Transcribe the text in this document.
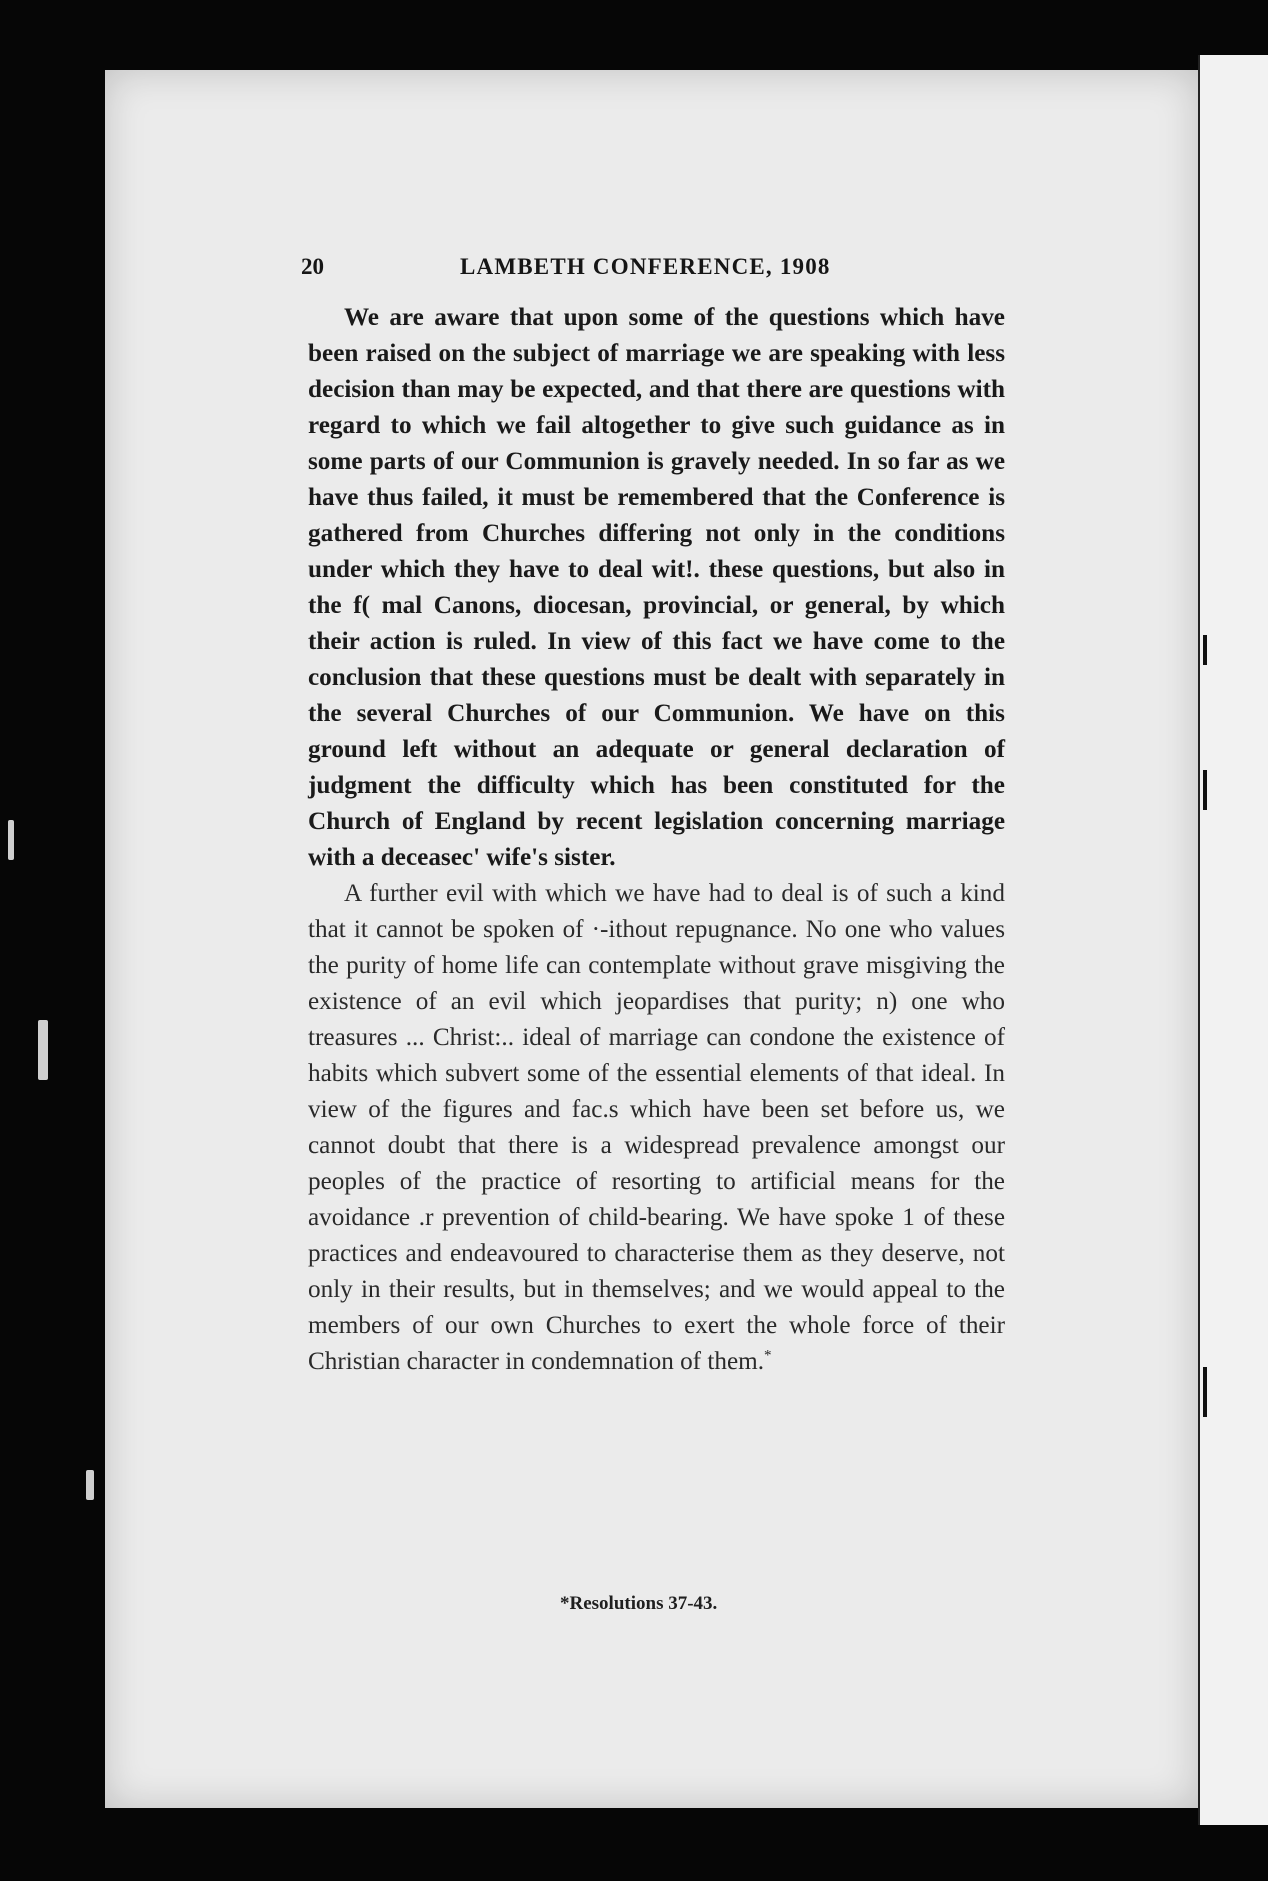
20	LAMBETH CONFERENCE, 1908

We are aware that upon some of the questions which have been raised on the subject of marriage we are speaking with less decision than may be expected, and that there are questions with regard to which we fail altogether to give such guidance as in some parts of our Communion is gravely needed. In so far as we have thus failed, it must be remembered that the Conference is gathered from Churches differing not only in the conditions under which they have to deal wit!. these questions, but also in the f( mal Canons, diocesan, provincial, or general, by which their action is ruled. In view of this fact we have come to the conclusion that these questions must be dealt with separately in the several Churches of our Communion. We have on this ground left without an adequate or general declaration of judgment the difficulty which has been constituted for the Church of England by recent legislation concerning marriage with a deceasec' wife's sister.

A further evil with which we have had to deal is of such a kind that it cannot be spoken of ·-ithout repugnance. No one who values the purity of home life can contemplate without grave misgiving the existence of an evil which jeopardises that purity; n) one who treasures ... Christ:.. ideal of marriage can condone the existence of habits which subvert some of the essential elements of that ideal. In view of the figures and fac.s which have been set before us, we cannot doubt that there is a widespread prevalence amongst our peoples of the practice of resorting to artificial means for the avoidance .r prevention of child-bearing. We have spoke 1 of these practices and endeavoured to characterise them as they deserve, not only in their results, but in themselves; and we would appeal to the members of our own Churches to exert the whole force of their Christian character in condemnation of them.*

*Resolutions 37-43.
